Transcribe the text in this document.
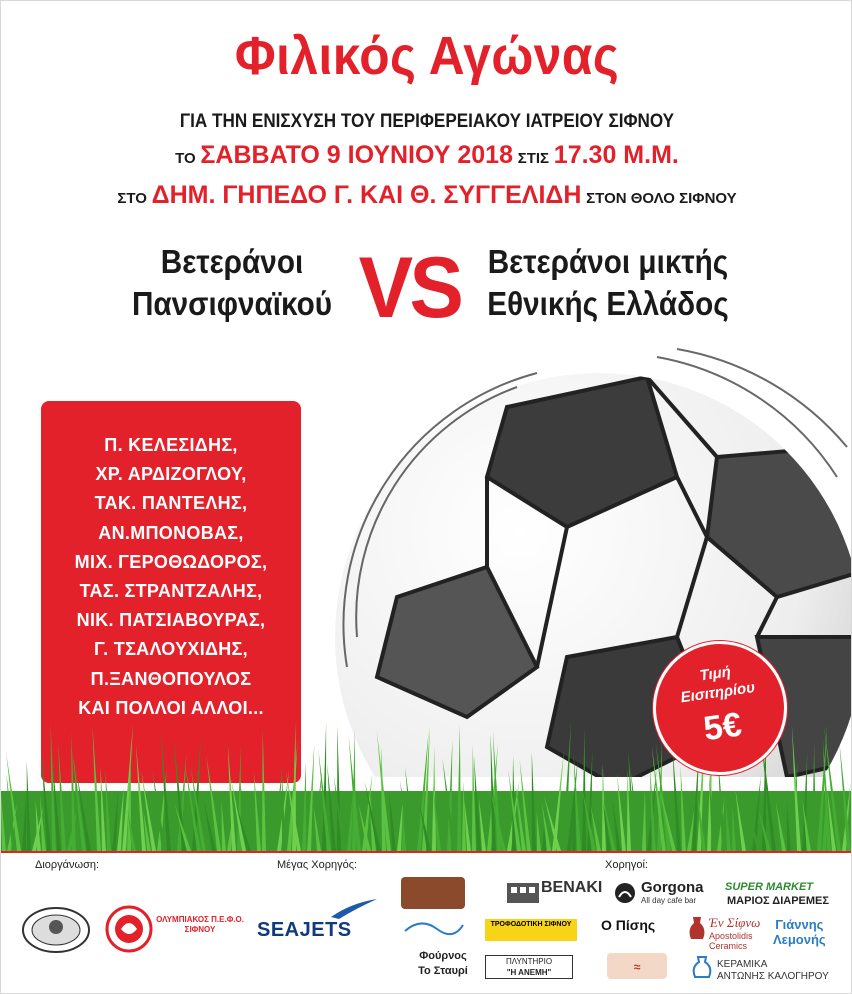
Φιλικός Αγώνας
ΓΙΑ ΤΗΝ ΕΝΙΣΧΥΣΗ ΤΟΥ ΠΕΡΙΦΕΡΕΙΑΚΟΥ ΙΑΤΡΕΙΟΥ ΣΙΦΝΟΥ
ΤΟ ΣΑΒΒΑΤΟ 9 ΙΟΥΝΙΟΥ 2018 ΣΤΙΣ 17.30 Μ.Μ.
ΣΤΟ ΔΗΜ. ΓΗΠΕΔΟ Γ. ΚΑΙ Θ. ΣΥΓΓΕΛΙΔΗ ΣΤΟΝ ΘΟΛΟ ΣΙΦΝΟΥ
Βετεράνοι
Πανσιφναϊκού VS Βετεράνοι μικτής
Εθνικής Ελλάδος
Π. ΚΕΛΕΣΙΔΗΣ,
ΧΡ. ΑΡΔΙΖΟΓΛΟΥ,
ΤΑΚ. ΠΑΝΤΕΛΗΣ,
ΑΝ.ΜΠΟΝΟΒΑΣ,
ΜΙΧ. ΓΕΡΟΘΩΔΟΡΟΣ,
ΤΑΣ. ΣΤΡΑΝΤΖΑΛΗΣ,
ΝΙΚ. ΠΑΤΣΙΑΒΟΥΡΑΣ,
Γ. ΤΣΑΛΟΥΧΙΔΗΣ,
Π.ΞΑΝΘΟΠΟΥΛΟΣ
ΚΑΙ ΠΟΛΛΟΙ ΑΛΛΟΙ...
Τιμή Εισιτηρίου
5€
Διοργάνωση:	Μέγας Χορηγός:	Χορηγοί:
ΟΛΥΜΠΙΑΚΟΣ Π.Ε.Φ.Ο. ΣΙΦΝΟΥ	SEAJETS
Φούρνος
Το Σταυρί
BENAKI
ΤΡΟΦΟΔΟΤΙΚΗ ΣΙΦΝΟΥ
ΠΛΥΝΤΗΡΙΟ
"Η ΑΝΕΜΗ"
Gorgona
All day cafe bar
Ο Πίσης
≈
SUPER MARKET
ΜΑΡΙΟΣ ΔΙΑΡΕΜΕΣ
Έν Σίφνω
Apostolidis
Ceramics
Γιάννης
Λεμονής
ΚΕΡΑΜΙΚΑ
ΑΝΤΩΝΗΣ ΚΑΛΟΓΗΡΟΥ
